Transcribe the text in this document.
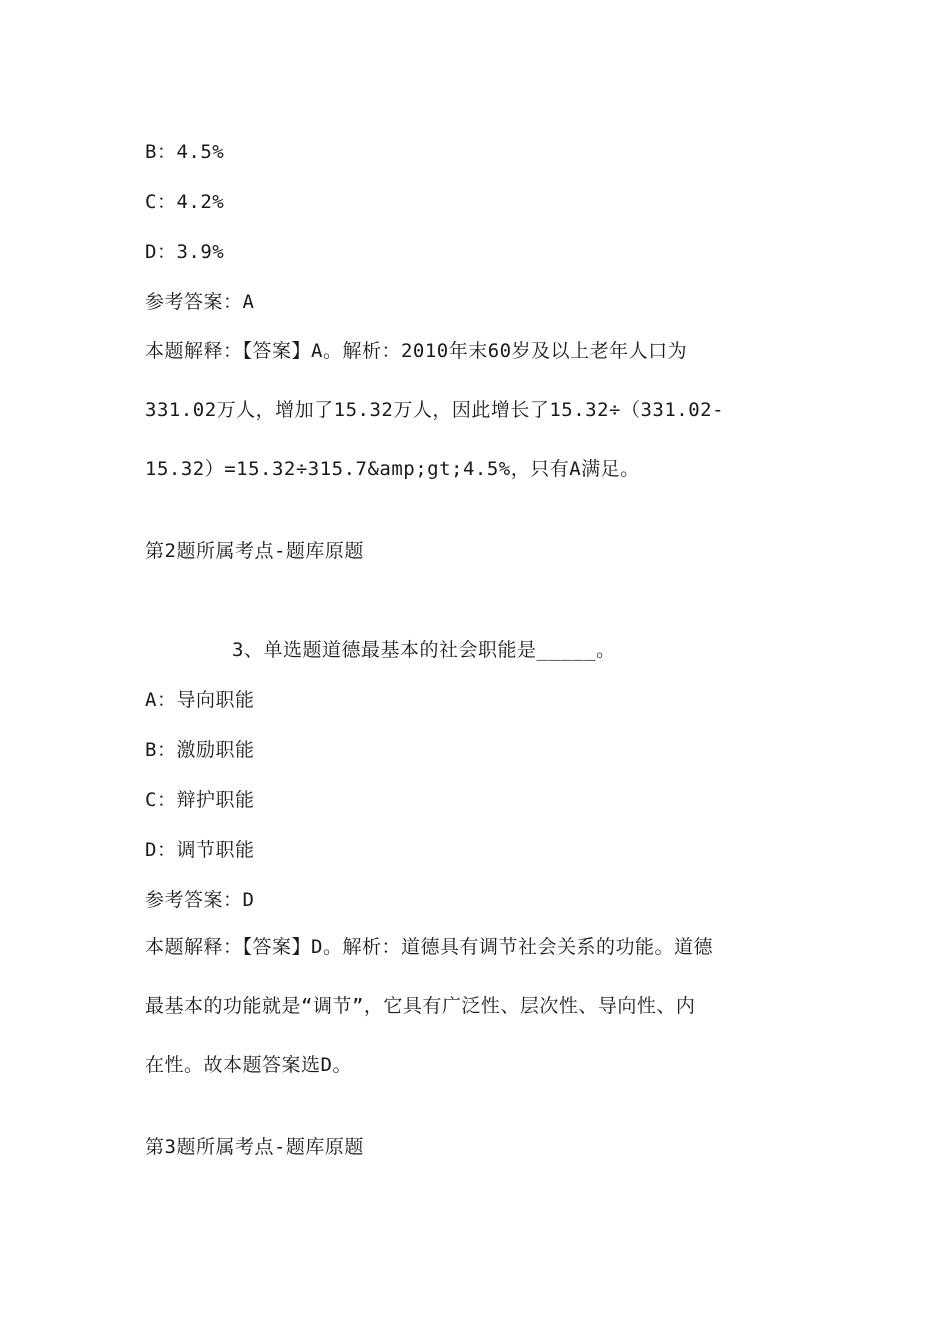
B：4.5%
C：4.2%
D：3.9%
参考答案：A
本题解释：【答案】A。解析：2010年末60岁及以上老年人口为
331.02万人，增加了15.32万人，因此增长了15.32÷（331.02-
15.32）=15.32÷315.7&amp;gt;4.5%，只有A满足。
第2题所属考点-题库原题
3、单选题道德最基本的社会职能是_____。
A：导向职能
B：激励职能
C：辩护职能
D：调节职能
参考答案：D
本题解释：【答案】D。解析：道德具有调节社会关系的功能。道德
最基本的功能就是“调节”，它具有广泛性、层次性、导向性、内
在性。故本题答案选D。
第3题所属考点-题库原题
